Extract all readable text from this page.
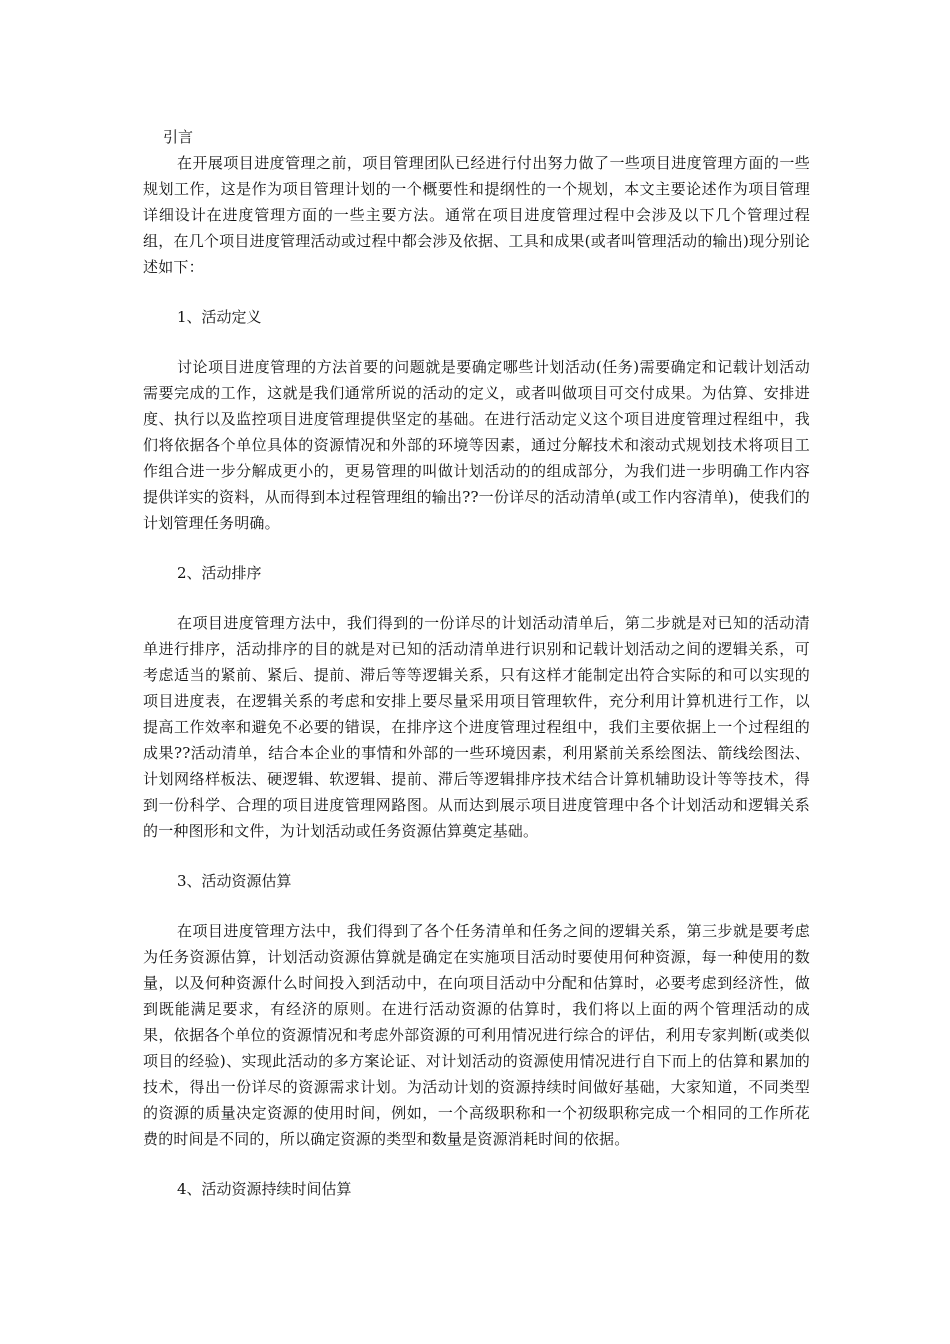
引言

在开展项目进度管理之前，项目管理团队已经进行付出努力做了一些项目进度管理方面的一些规划工作，这是作为项目管理计划的一个概要性和提纲性的一个规划，本文主要论述作为项目管理详细设计在进度管理方面的一些主要方法。通常在项目进度管理过程中会涉及以下几个管理过程组，在几个项目进度管理活动或过程中都会涉及依据、工具和成果(或者叫管理活动的输出)现分别论述如下：

1、活动定义

讨论项目进度管理的方法首要的问题就是要确定哪些计划活动(任务)需要确定和记载计划活动需要完成的工作，这就是我们通常所说的活动的定义，或者叫做项目可交付成果。为估算、安排进度、执行以及监控项目进度管理提供坚定的基础。在进行活动定义这个项目进度管理过程组中，我们将依据各个单位具体的资源情况和外部的环境等因素，通过分解技术和滚动式规划技术将项目工作组合进一步分解成更小的，更易管理的叫做计划活动的的组成部分，为我们进一步明确工作内容提供详实的资料，从而得到本过程管理组的输出??一份详尽的活动清单(或工作内容清单)，使我们的计划管理任务明确。

2、活动排序

在项目进度管理方法中，我们得到的一份详尽的计划活动清单后，第二步就是对已知的活动清单进行排序，活动排序的目的就是对已知的活动清单进行识别和记载计划活动之间的逻辑关系，可考虑适当的紧前、紧后、提前、滞后等等逻辑关系，只有这样才能制定出符合实际的和可以实现的项目进度表，在逻辑关系的考虑和安排上要尽量采用项目管理软件，充分利用计算机进行工作，以提高工作效率和避免不必要的错误，在排序这个进度管理过程组中，我们主要依据上一个过程组的成果??活动清单，结合本企业的事情和外部的一些环境因素，利用紧前关系绘图法、箭线绘图法、计划网络样板法、硬逻辑、软逻辑、提前、滞后等逻辑排序技术结合计算机辅助设计等等技术，得到一份科学、合理的项目进度管理网路图。从而达到展示项目进度管理中各个计划活动和逻辑关系的一种图形和文件，为计划活动或任务资源估算奠定基础。

3、活动资源估算

在项目进度管理方法中，我们得到了各个任务清单和任务之间的逻辑关系，第三步就是要考虑为任务资源估算，计划活动资源估算就是确定在实施项目活动时要使用何种资源，每一种使用的数量，以及何种资源什么时间投入到活动中，在向项目活动中分配和估算时，必要考虑到经济性，做到既能满足要求，有经济的原则。在进行活动资源的估算时，我们将以上面的两个管理活动的成果，依据各个单位的资源情况和考虑外部资源的可利用情况进行综合的评估，利用专家判断(或类似项目的经验)、实现此活动的多方案论证、对计划活动的资源使用情况进行自下而上的估算和累加的技术，得出一份详尽的资源需求计划。为活动计划的资源持续时间做好基础，大家知道，不同类型的资源的质量决定资源的使用时间，例如，一个高级职称和一个初级职称完成一个相同的工作所花费的时间是不同的，所以确定资源的类型和数量是资源消耗时间的依据。

4、活动资源持续时间估算
